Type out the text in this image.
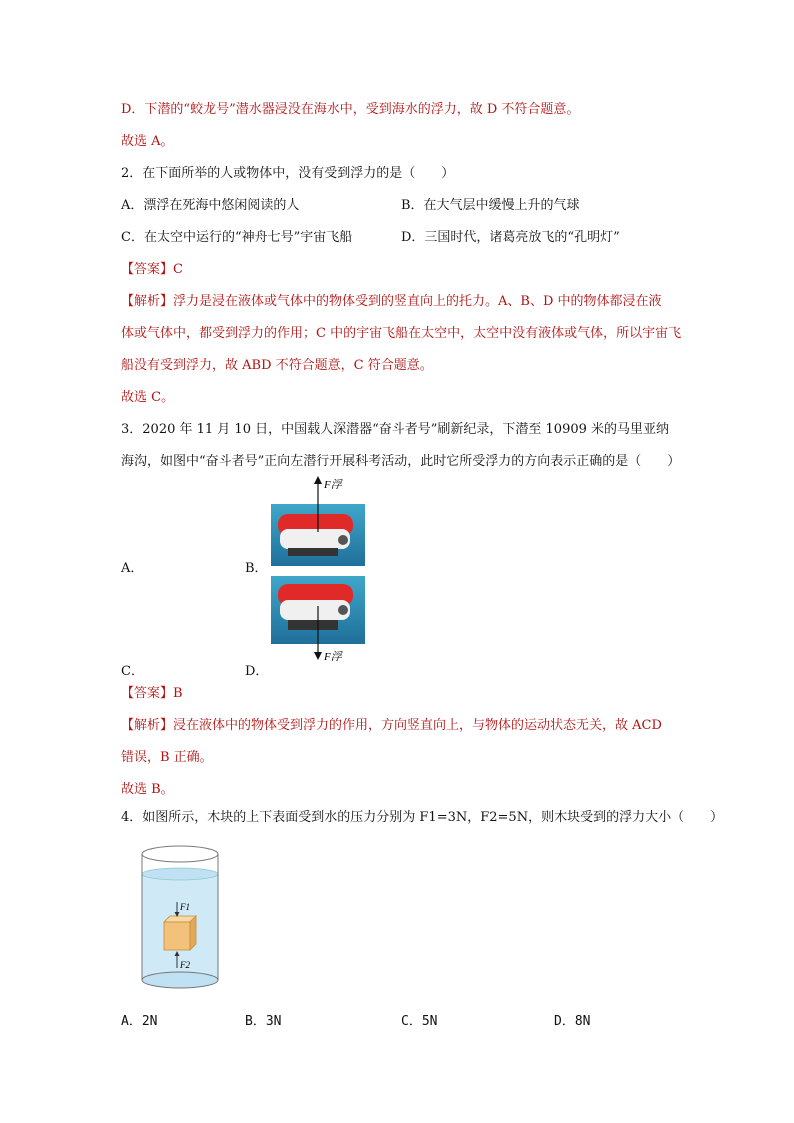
D．下潜的“蛟龙号”潜水器浸没在海水中，受到海水的浮力，故 D 不符合题意。
故选 A。
2．在下面所举的人或物体中，没有受到浮力的是（　　）
A．漂浮在死海中悠闲阅读的人	B．在大气层中缓慢上升的气球
C．在太空中运行的“神舟七号”宇宙飞船	D．三国时代，诸葛亮放飞的“孔明灯”
【答案】C
【解析】浮力是浸在液体或气体中的物体受到的竖直向上的托力。A、B、D 中的物体都浸在液
体或气体中，都受到浮力的作用；C 中的宇宙飞船在太空中，太空中没有液体或气体，所以宇宙飞
船没有受到浮力，故 ABD 不符合题意，C 符合题意。
故选 C。
3．2020 年 11 月 10 日，中国载人深潜器“奋斗者号”刷新纪录，下潜至 10909 米的马里亚纳
海沟，如图中“奋斗者号”正向左潜行开展科考活动，此时它所受浮力的方向表示正确的是（　　）
F浮
F浮
A．	B．
C．	D．
【答案】B
【解析】浸在液体中的物体受到浮力的作用，方向竖直向上，与物体的运动状态无关，故 ACD
错误，B 正确。
故选 B。
4．如图所示，木块的上下表面受到水的压力分别为 F1=3N，F2=5N，则木块受到的浮力大小（　　）
F1
F2
A．2N	B．3N	C．5N	D．8N
